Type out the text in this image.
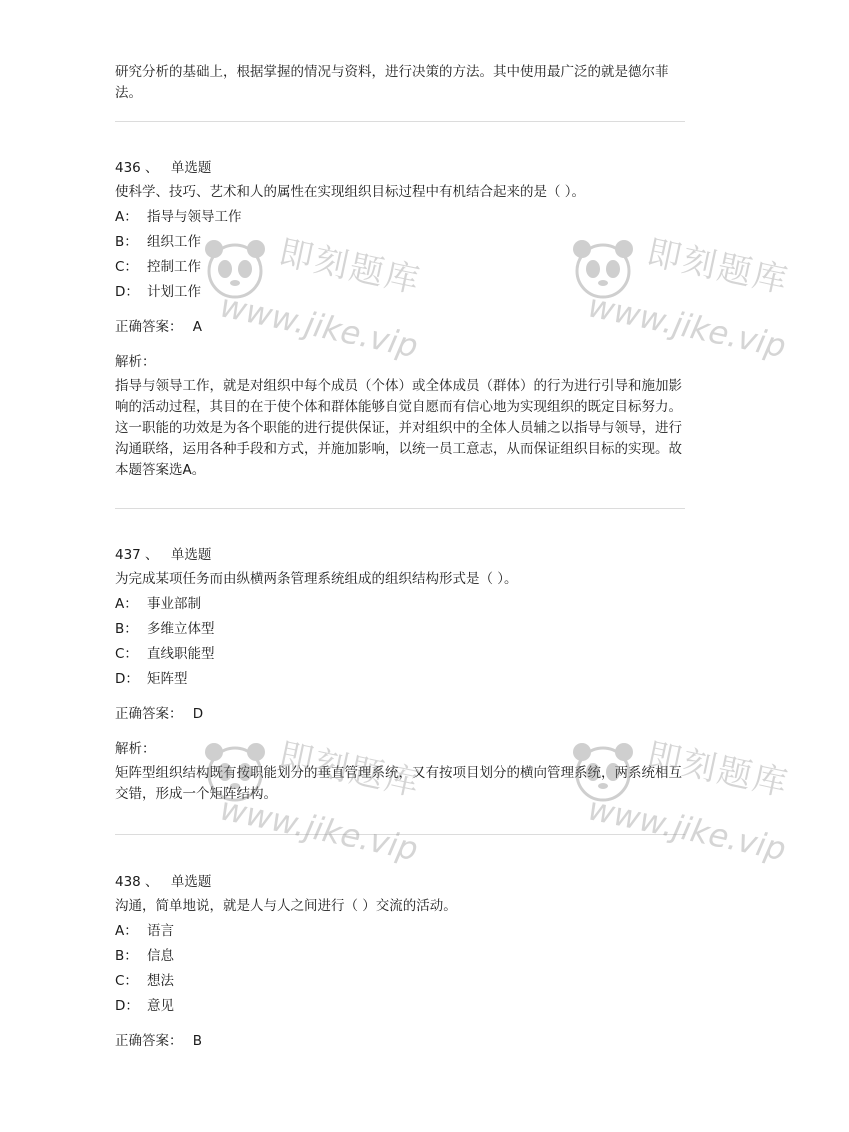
研究分析的基础上，根据掌握的情况与资料，进行决策的方法。其中使用最广泛的就是德尔菲法。

436 、 单选题
使科学、技巧、艺术和人的属性在实现组织目标过程中有机结合起来的是（ ）。
A： 指导与领导工作
B： 组织工作
C： 控制工作
D： 计划工作
正确答案： A
解析：

指导与领导工作，就是对组织中每个成员（个体）或全体成员（群体）的行为进行引导和施加影响的活动过程，其目的在于使个体和群体能够自觉自愿而有信心地为实现组织的既定目标努力。这一职能的功效是为各个职能的进行提供保证，并对组织中的全体人员辅之以指导与领导，进行沟通联络，运用各种手段和方式，并施加影响，以统一员工意志，从而保证组织目标的实现。故本题答案选A。

437 、 单选题
为完成某项任务而由纵横两条管理系统组成的组织结构形式是（ ）。
A： 事业部制
B： 多维立体型
C： 直线职能型
D： 矩阵型
正确答案： D
解析：

矩阵型组织结构既有按职能划分的垂直管理系统，又有按项目划分的横向管理系统，两系统相互交错，形成一个矩阵结构。

438 、 单选题
沟通，简单地说，就是人与人之间进行（ ）交流的活动。
A： 语言
B： 信息
C： 想法
D： 意见
正确答案： B
即刻题库
www.jike.vip
即刻题库
www.jike.vip
即刻题库
www.jike.vip
即刻题库
www.jike.vip
